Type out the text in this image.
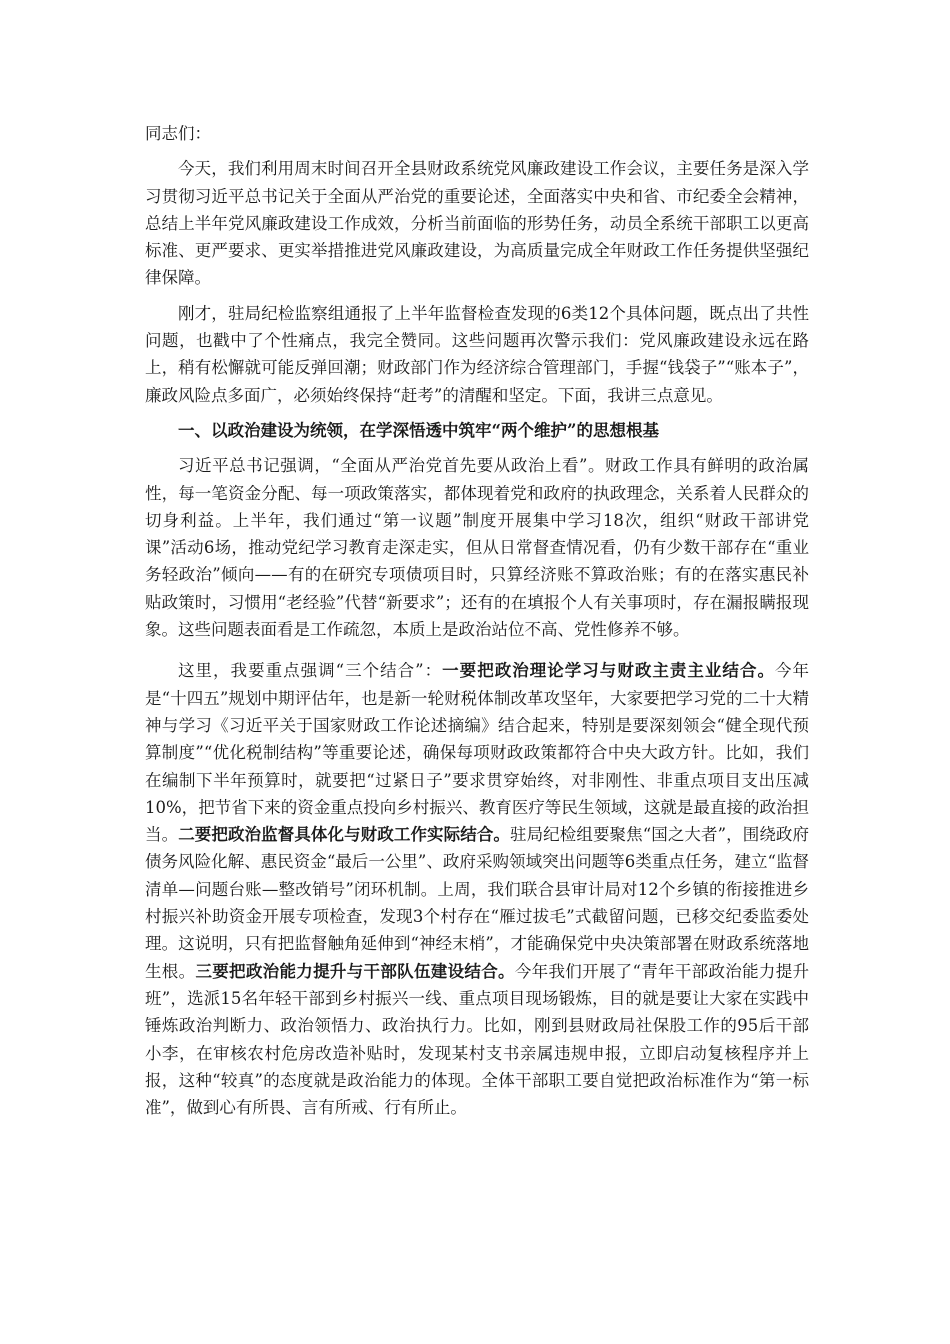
同志们：

今天，我们利用周末时间召开全县财政系统党风廉政建设工作会议，主要任务是深入学习贯彻习近平总书记关于全面从严治党的重要论述，全面落实中央和省、市纪委全会精神，总结上半年党风廉政建设工作成效，分析当前面临的形势任务，动员全系统干部职工以更高标准、更严要求、更实举措推进党风廉政建设，为高质量完成全年财政工作任务提供坚强纪律保障。

刚才，驻局纪检监察组通报了上半年监督检查发现的6类12个具体问题，既点出了共性问题，也戳中了个性痛点，我完全赞同。这些问题再次警示我们：党风廉政建设永远在路上，稍有松懈就可能反弹回潮；财政部门作为经济综合管理部门，手握“钱袋子”“账本子”，廉政风险点多面广，必须始终保持“赶考”的清醒和坚定。下面，我讲三点意见。

一、以政治建设为统领，在学深悟透中筑牢“两个维护”的思想根基

习近平总书记强调，“全面从严治党首先要从政治上看”。财政工作具有鲜明的政治属性，每一笔资金分配、每一项政策落实，都体现着党和政府的执政理念，关系着人民群众的切身利益。上半年，我们通过“第一议题”制度开展集中学习18次，组织“财政干部讲党课”活动6场，推动党纪学习教育走深走实，但从日常督查情况看，仍有少数干部存在“重业务轻政治”倾向——有的在研究专项债项目时，只算经济账不算政治账；有的在落实惠民补贴政策时，习惯用“老经验”代替“新要求”；还有的在填报个人有关事项时，存在漏报瞒报现象。这些问题表面看是工作疏忽，本质上是政治站位不高、党性修养不够。

这里，我要重点强调“三个结合”：一要把政治理论学习与财政主责主业结合。今年是“十四五”规划中期评估年，也是新一轮财税体制改革攻坚年，大家要把学习党的二十大精神与学习《习近平关于国家财政工作论述摘编》结合起来，特别是要深刻领会“健全现代预算制度”“优化税制结构”等重要论述，确保每项财政政策都符合中央大政方针。比如，我们在编制下半年预算时，就要把“过紧日子”要求贯穿始终，对非刚性、非重点项目支出压减10%，把节省下来的资金重点投向乡村振兴、教育医疗等民生领域，这就是最直接的政治担当。二要把政治监督具体化与财政工作实际结合。驻局纪检组要聚焦“国之大者”，围绕政府债务风险化解、惠民资金“最后一公里”、政府采购领域突出问题等6类重点任务，建立“监督清单—问题台账—整改销号”闭环机制。上周，我们联合县审计局对12个乡镇的衔接推进乡村振兴补助资金开展专项检查，发现3个村存在“雁过拔毛”式截留问题，已移交纪委监委处理。这说明，只有把监督触角延伸到“神经末梢”，才能确保党中央决策部署在财政系统落地生根。三要把政治能力提升与干部队伍建设结合。今年我们开展了“青年干部政治能力提升班”，选派15名年轻干部到乡村振兴一线、重点项目现场锻炼，目的就是要让大家在实践中锤炼政治判断力、政治领悟力、政治执行力。比如，刚到县财政局社保股工作的95后干部小李，在审核农村危房改造补贴时，发现某村支书亲属违规申报，立即启动复核程序并上报，这种“较真”的态度就是政治能力的体现。全体干部职工要自觉把政治标准作为“第一标准”，做到心有所畏、言有所戒、行有所止。
